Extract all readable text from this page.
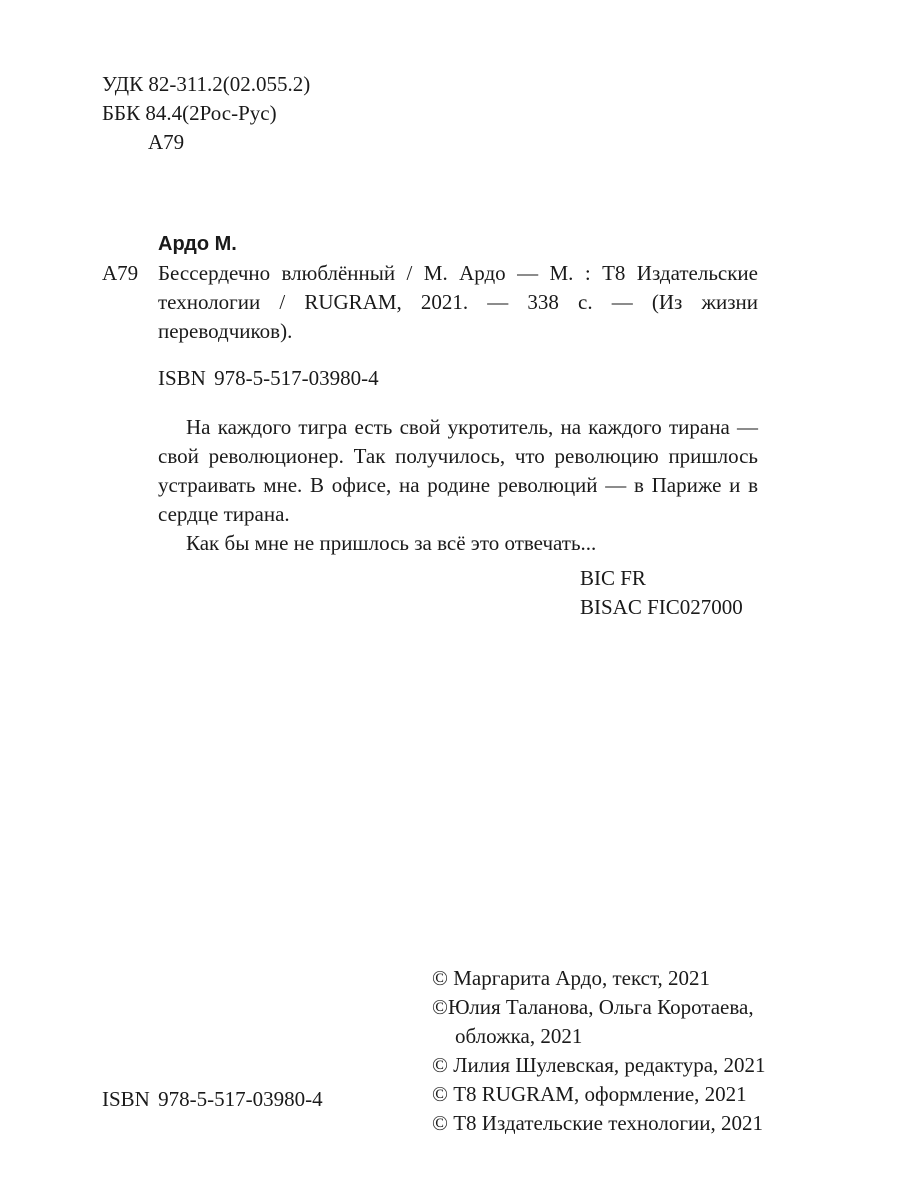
УДК 82-311.2(02.055.2)
ББК 84.4(2Рос-Рус)
А79
Ардо М.
А79 Бессердечно влюблённый / М. Ардо — М. : Т8 Издательские технологии / RUGRAM, 2021. — 338 с. — (Из жизни переводчиков).
ISBN 978-5-517-03980-4

На каждого тигра есть свой укротитель, на каждого тирана — свой революционер. Так получилось, что революцию пришлось устраивать мне. В офисе, на родине революций — в Париже и в сердце тирана.

Как бы мне не пришлось за всё это отвечать...

BIC FR
BISAC FIC027000
ISBN 978-5-517-03980-4
© Маргарита Ардо, текст, 2021
©Юлия Таланова, Ольга Коротаева,
обложка, 2021
© Лилия Шулевская, редактура, 2021
© Т8 RUGRAM, оформление, 2021
© Т8 Издательские технологии, 2021
